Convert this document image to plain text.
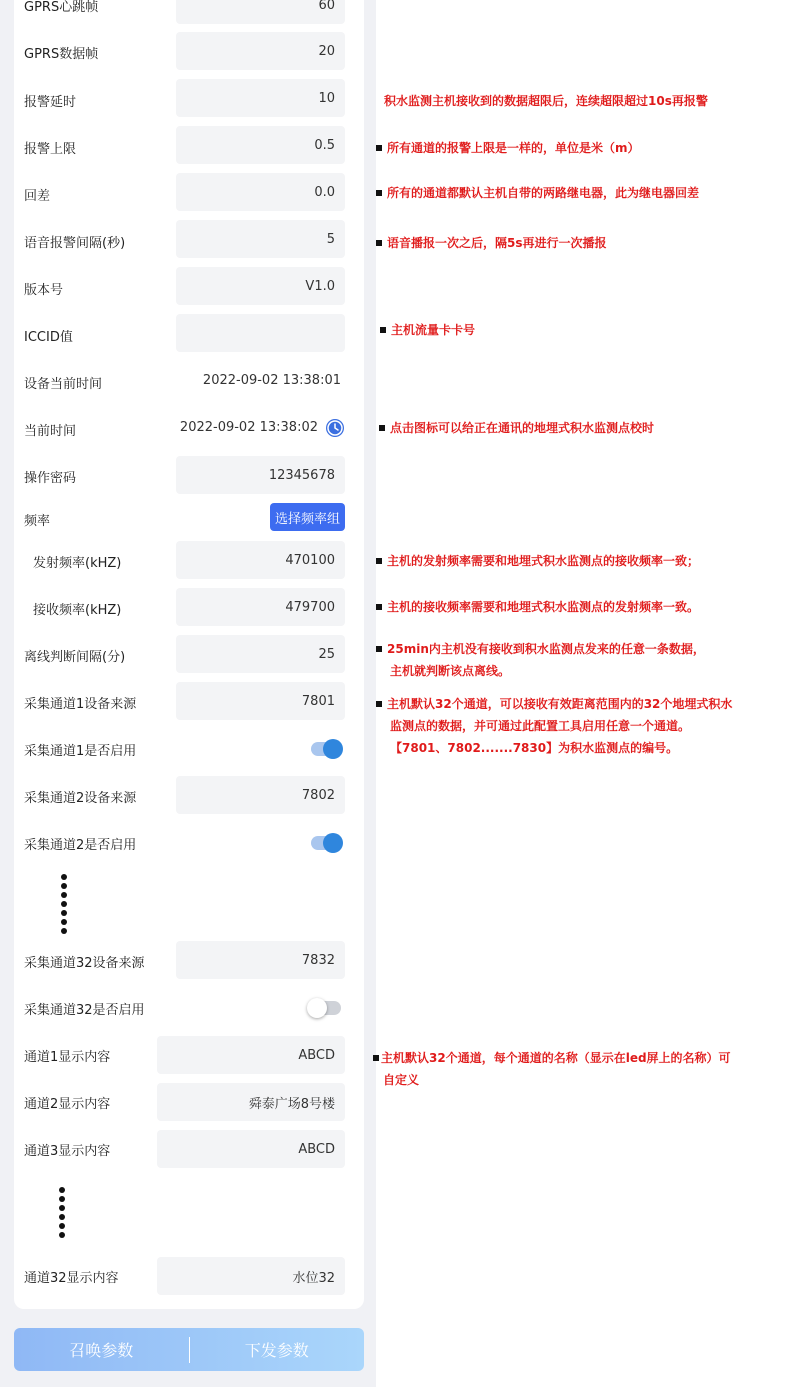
GPRS心跳帧	60
GPRS数据帧	20
报警延时	10
报警上限	0.5
回差	0.0
语音报警间隔(秒)	5
版本号	V1.0
ICCID值
设备当前时间	2022-09-02 13:38:01
当前时间	2022-09-02 13:38:02
操作密码	12345678
频率	选择频率组
发射频率(kHZ)	470100
接收频率(kHZ)	479700
离线判断间隔(分)	25
采集通道1设备来源	7801
采集通道1是否启用
采集通道2设备来源	7802
采集通道2是否启用
采集通道32设备来源	7832
采集通道32是否启用
通道1显示内容	ABCD
通道2显示内容	舜泰广场8号楼
通道3显示内容	ABCD
通道32显示内容	水位32
召唤参数	下发参数
积水监测主机接收到的数据超限后，连续超限超过10s再报警
所有通道的报警上限是一样的，单位是米（m）
所有的通道都默认主机自带的两路继电器，此为继电器回差
语音播报一次之后，隔5s再进行一次播报
主机流量卡卡号
点击图标可以给正在通讯的地埋式积水监测点校时
主机的发射频率需要和地埋式积水监测点的接收频率一致；
主机的接收频率需要和地埋式积水监测点的发射频率一致。
25min内主机没有接收到积水监测点发来的任意一条数据，
主机就判断该点离线。
主机默认32个通道，可以接收有效距离范围内的32个地埋式积水
监测点的数据，并可通过此配置工具启用任意一个通道。
【7801、7802.......7830】为积水监测点的编号。
主机默认32个通道，每个通道的名称（显示在led屏上的名称）可
自定义
